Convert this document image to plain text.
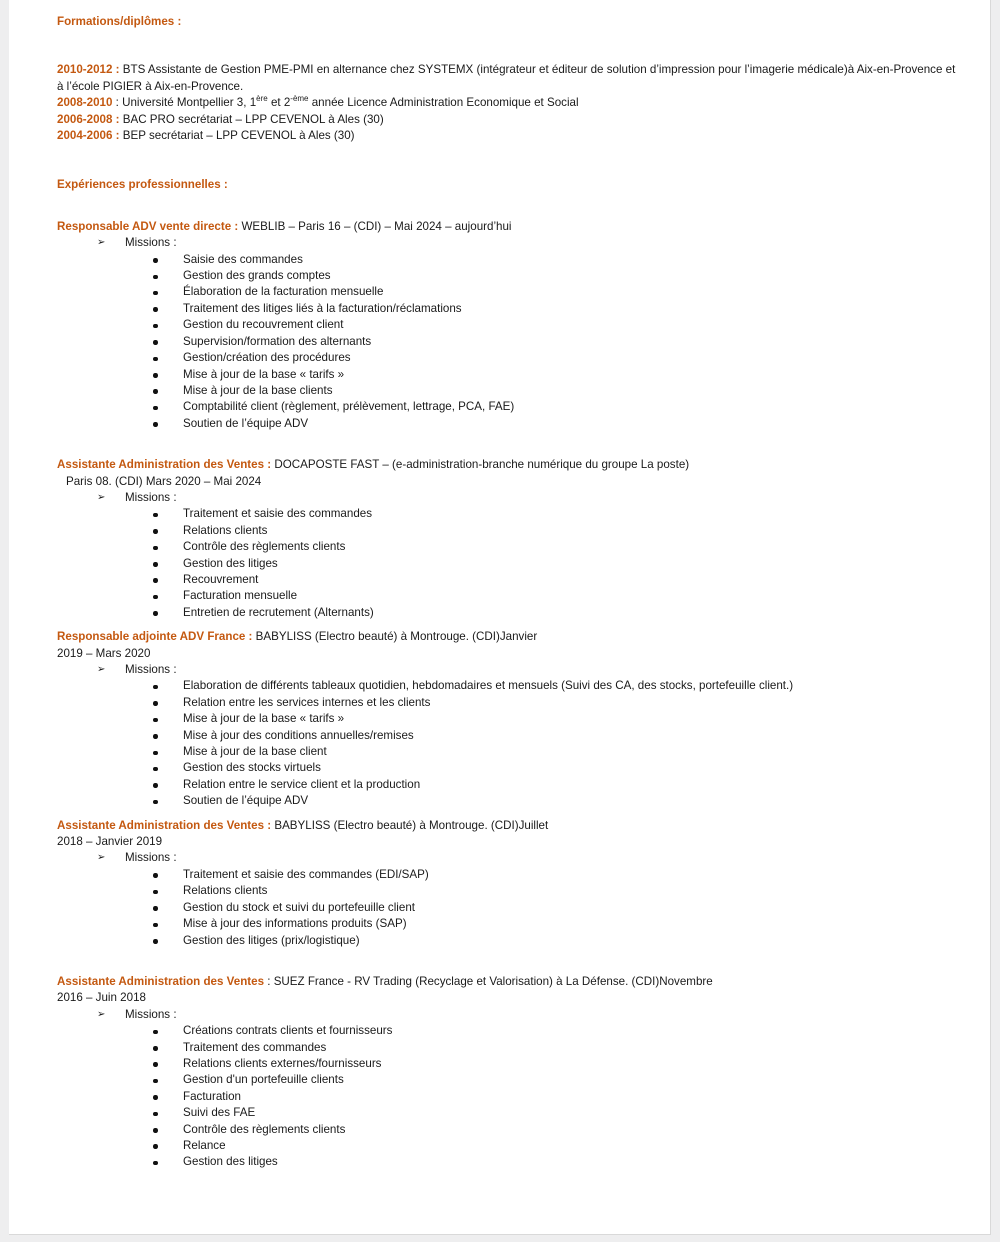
Formations/diplômes :
2010-2012 : BTS Assistante de Gestion PME-PMI en alternance chez SYSTEMX (intégrateur et éditeur de solution d’impression pour l’imagerie médicale)à Aix-en-Provence et à l’école PIGIER à Aix-en-Provence.
2008-2010 : Université Montpellier 3, 1ère et $2^{-ème}$ année Licence Administration Economique et Social
2006-2008 : BAC PRO secrétariat – LPP CEVENOL à Ales (30)
2004-2006 : BEP secrétariat – LPP CEVENOL à Ales (30)
Expériences professionnelles :
Responsable ADV vente directe : WEBLIB – Paris 16 – (CDI) – Mai 2024 – aujourd’hui
➢ Missions :
Saisie des commandes
Gestion des grands comptes
Élaboration de la facturation mensuelle
Traitement des litiges liés à la facturation/réclamations
Gestion du recouvrement client
Supervision/formation des alternants
Gestion/création des procédures
Mise à jour de la base « tarifs »
Mise à jour de la base clients
Comptabilité client (règlement, prélèvement, lettrage, PCA, FAE)
Soutien de l’équipe ADV
Assistante Administration des Ventes : DOCAPOSTE FAST – (e-administration-branche numérique du groupe La poste)
Paris 08. (CDI) Mars 2020 – Mai 2024
➢ Missions :
Traitement et saisie des commandes
Relations clients
Contrôle des règlements clients
Gestion des litiges
Recouvrement
Facturation mensuelle
Entretien de recrutement (Alternants)
Responsable adjointe ADV France : BABYLISS (Electro beauté) à Montrouge. (CDI)Janvier
2019 – Mars 2020
➢ Missions :
Elaboration de différents tableaux quotidien, hebdomadaires et mensuels (Suivi des CA, des stocks, portefeuille client.)
Relation entre les services internes et les clients
Mise à jour de la base « tarifs »
Mise à jour des conditions annuelles/remises
Mise à jour de la base client
Gestion des stocks virtuels
Relation entre le service client et la production
Soutien de l’équipe ADV
Assistante Administration des Ventes : BABYLISS (Electro beauté) à Montrouge. (CDI)Juillet
2018 – Janvier 2019
➢ Missions :
Traitement et saisie des commandes (EDI/SAP)
Relations clients
Gestion du stock et suivi du portefeuille client
Mise à jour des informations produits (SAP)
Gestion des litiges (prix/logistique)
Assistante Administration des Ventes : SUEZ France - RV Trading (Recyclage et Valorisation) à La Défense. (CDI)Novembre
2016 – Juin 2018
➢ Missions :
Créations contrats clients et fournisseurs
Traitement des commandes
Relations clients externes/fournisseurs
Gestion d'un portefeuille clients
Facturation
Suivi des FAE
Contrôle des règlements clients
Relance
Gestion des litiges
